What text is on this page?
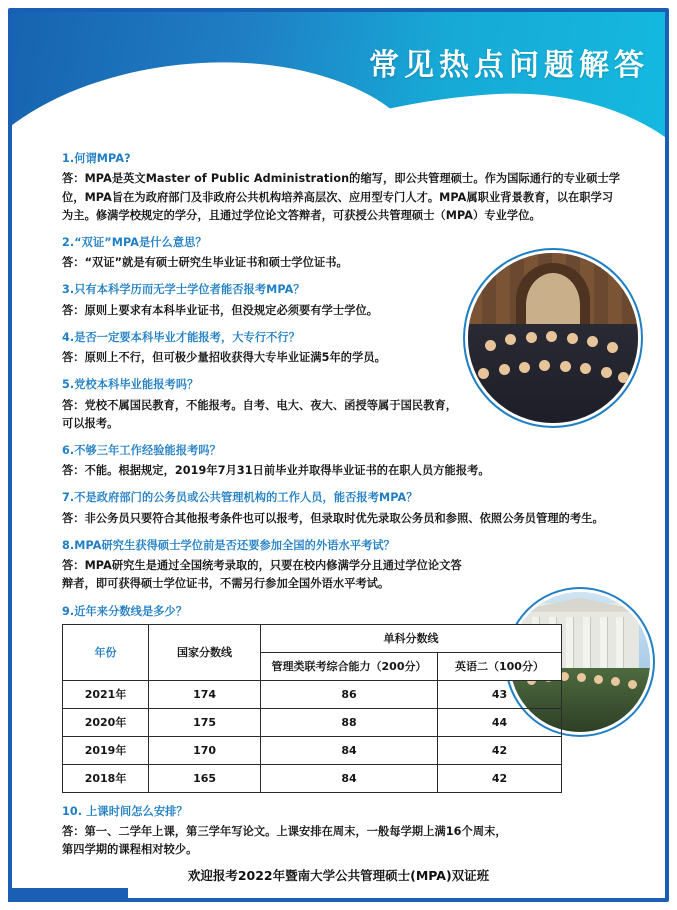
常见热点问题解答

1.何谓MPA?

答：MPA是英文Master of Public Administration的缩写，即公共管理硕士。作为国际通行的专业硕士学位，MPA旨在为政府部门及非政府公共机构培养高层次、应用型专门人才。MPA属职业背景教育，以在职学习为主。修满学校规定的学分，且通过学位论文答辩者，可获授公共管理硕士（MPA）专业学位。

2.“双证”MPA是什么意思？

答：“双证”就是有硕士研究生毕业证书和硕士学位证书。

3.只有本科学历而无学士学位者能否报考MPA？

答：原则上要求有本科毕业证书，但没规定必须要有学士学位。

4.是否一定要本科毕业才能报考，大专行不行？

答：原则上不行，但可极少量招收获得大专毕业证满5年的学员。

5.党校本科毕业能报考吗？

答：党校不属国民教育，不能报考。自考、电大、夜大、函授等属于国民教育，可以报考。

6.不够三年工作经验能报考吗？

答：不能。根据规定，2019年7月31日前毕业并取得毕业证书的在职人员方能报考。

7.不是政府部门的公务员或公共管理机构的工作人员，能否报考MPA？

答：非公务员只要符合其他报考条件也可以报考，但录取时优先录取公务员和参照、依照公务员管理的考生。

8.MPA研究生获得硕士学位前是否还要参加全国的外语水平考试？

答：MPA研究生是通过全国统考录取的，只要在校内修满学分且通过学位论文答辩者，即可获得硕士学位证书，不需另行参加全国外语水平考试。

9.近年来分数线是多少？

年份	国家分数线	单科分数线	
		管理类联考综合能力（200分）	英语二（100分）
2021年	174	86	43
2020年	175	88	44
2019年	170	84	42
2018年	165	84	42

10. 上课时间怎么安排？

答：第一、二学年上课，第三学年写论文。上课安排在周末，一般每学期上满16个周末，第四学期的课程相对较少。

欢迎报考2022年暨南大学公共管理硕士(MPA)双证班
